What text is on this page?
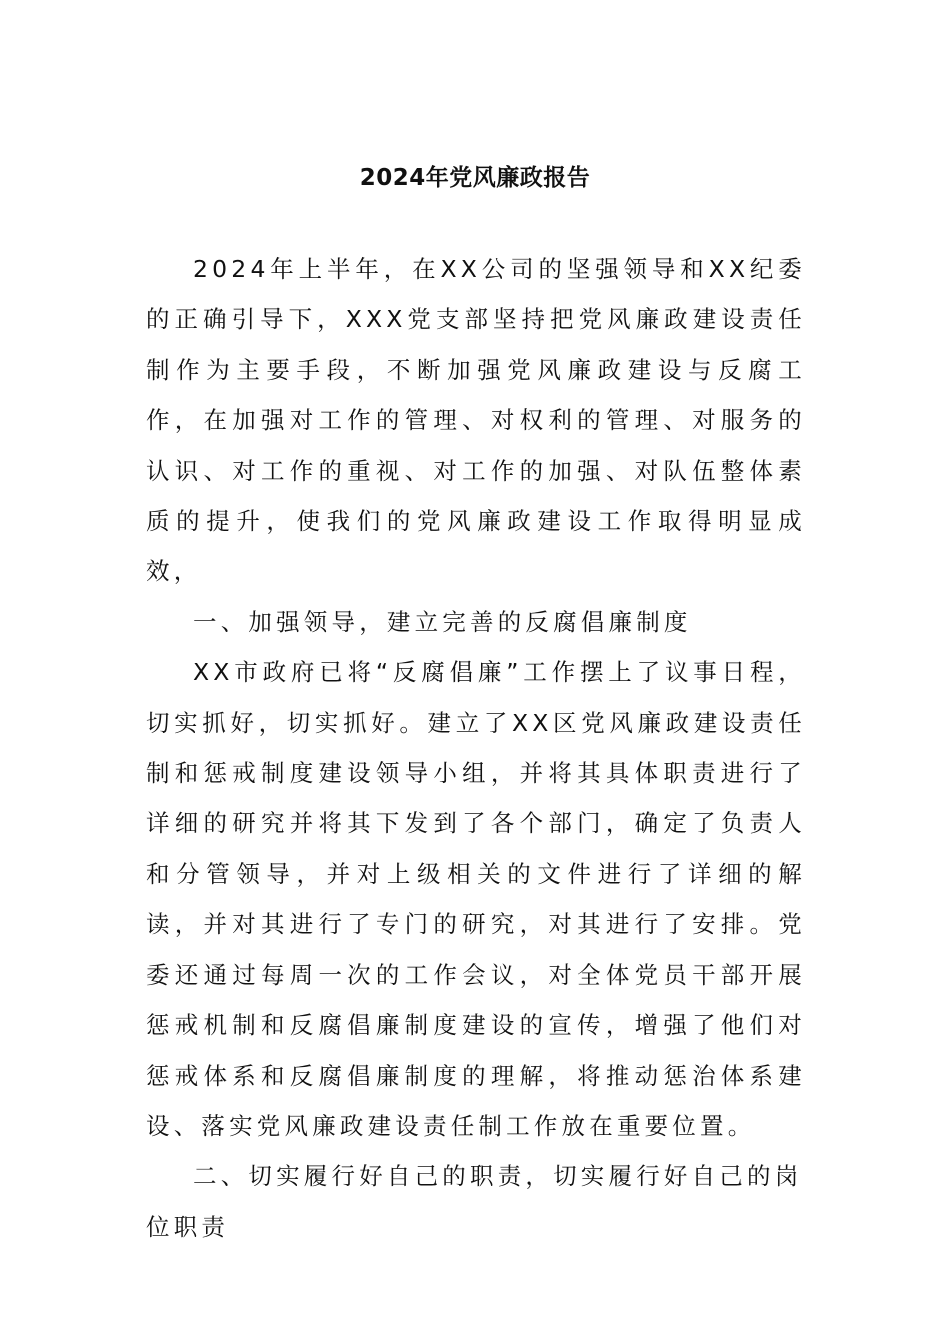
2024年党风廉政报告

2024年上半年，在XX公司的坚强领导和XX纪委的正确引导下，XXX党支部坚持把党风廉政建设责任制作为主要手段，不断加强党风廉政建设与反腐工作，在加强对工作的管理、对权利的管理、对服务的认识、对工作的重视、对工作的加强、对队伍整体素质的提升，使我们的党风廉政建设工作取得明显成效，

一、加强领导，建立完善的反腐倡廉制度

XX市政府已将“反腐倡廉”工作摆上了议事日程，切实抓好，切实抓好。建立了XX区党风廉政建设责任制和惩戒制度建设领导小组，并将其具体职责进行了详细的研究并将其下发到了各个部门，确定了负责人和分管领导，并对上级相关的文件进行了详细的解读，并对其进行了专门的研究，对其进行了安排。党委还通过每周一次的工作会议，对全体党员干部开展惩戒机制和反腐倡廉制度建设的宣传，增强了他们对惩戒体系和反腐倡廉制度的理解，将推动惩治体系建设、落实党风廉政建设责任制工作放在重要位置。

二、切实履行好自己的职责，切实履行好自己的岗位职责
